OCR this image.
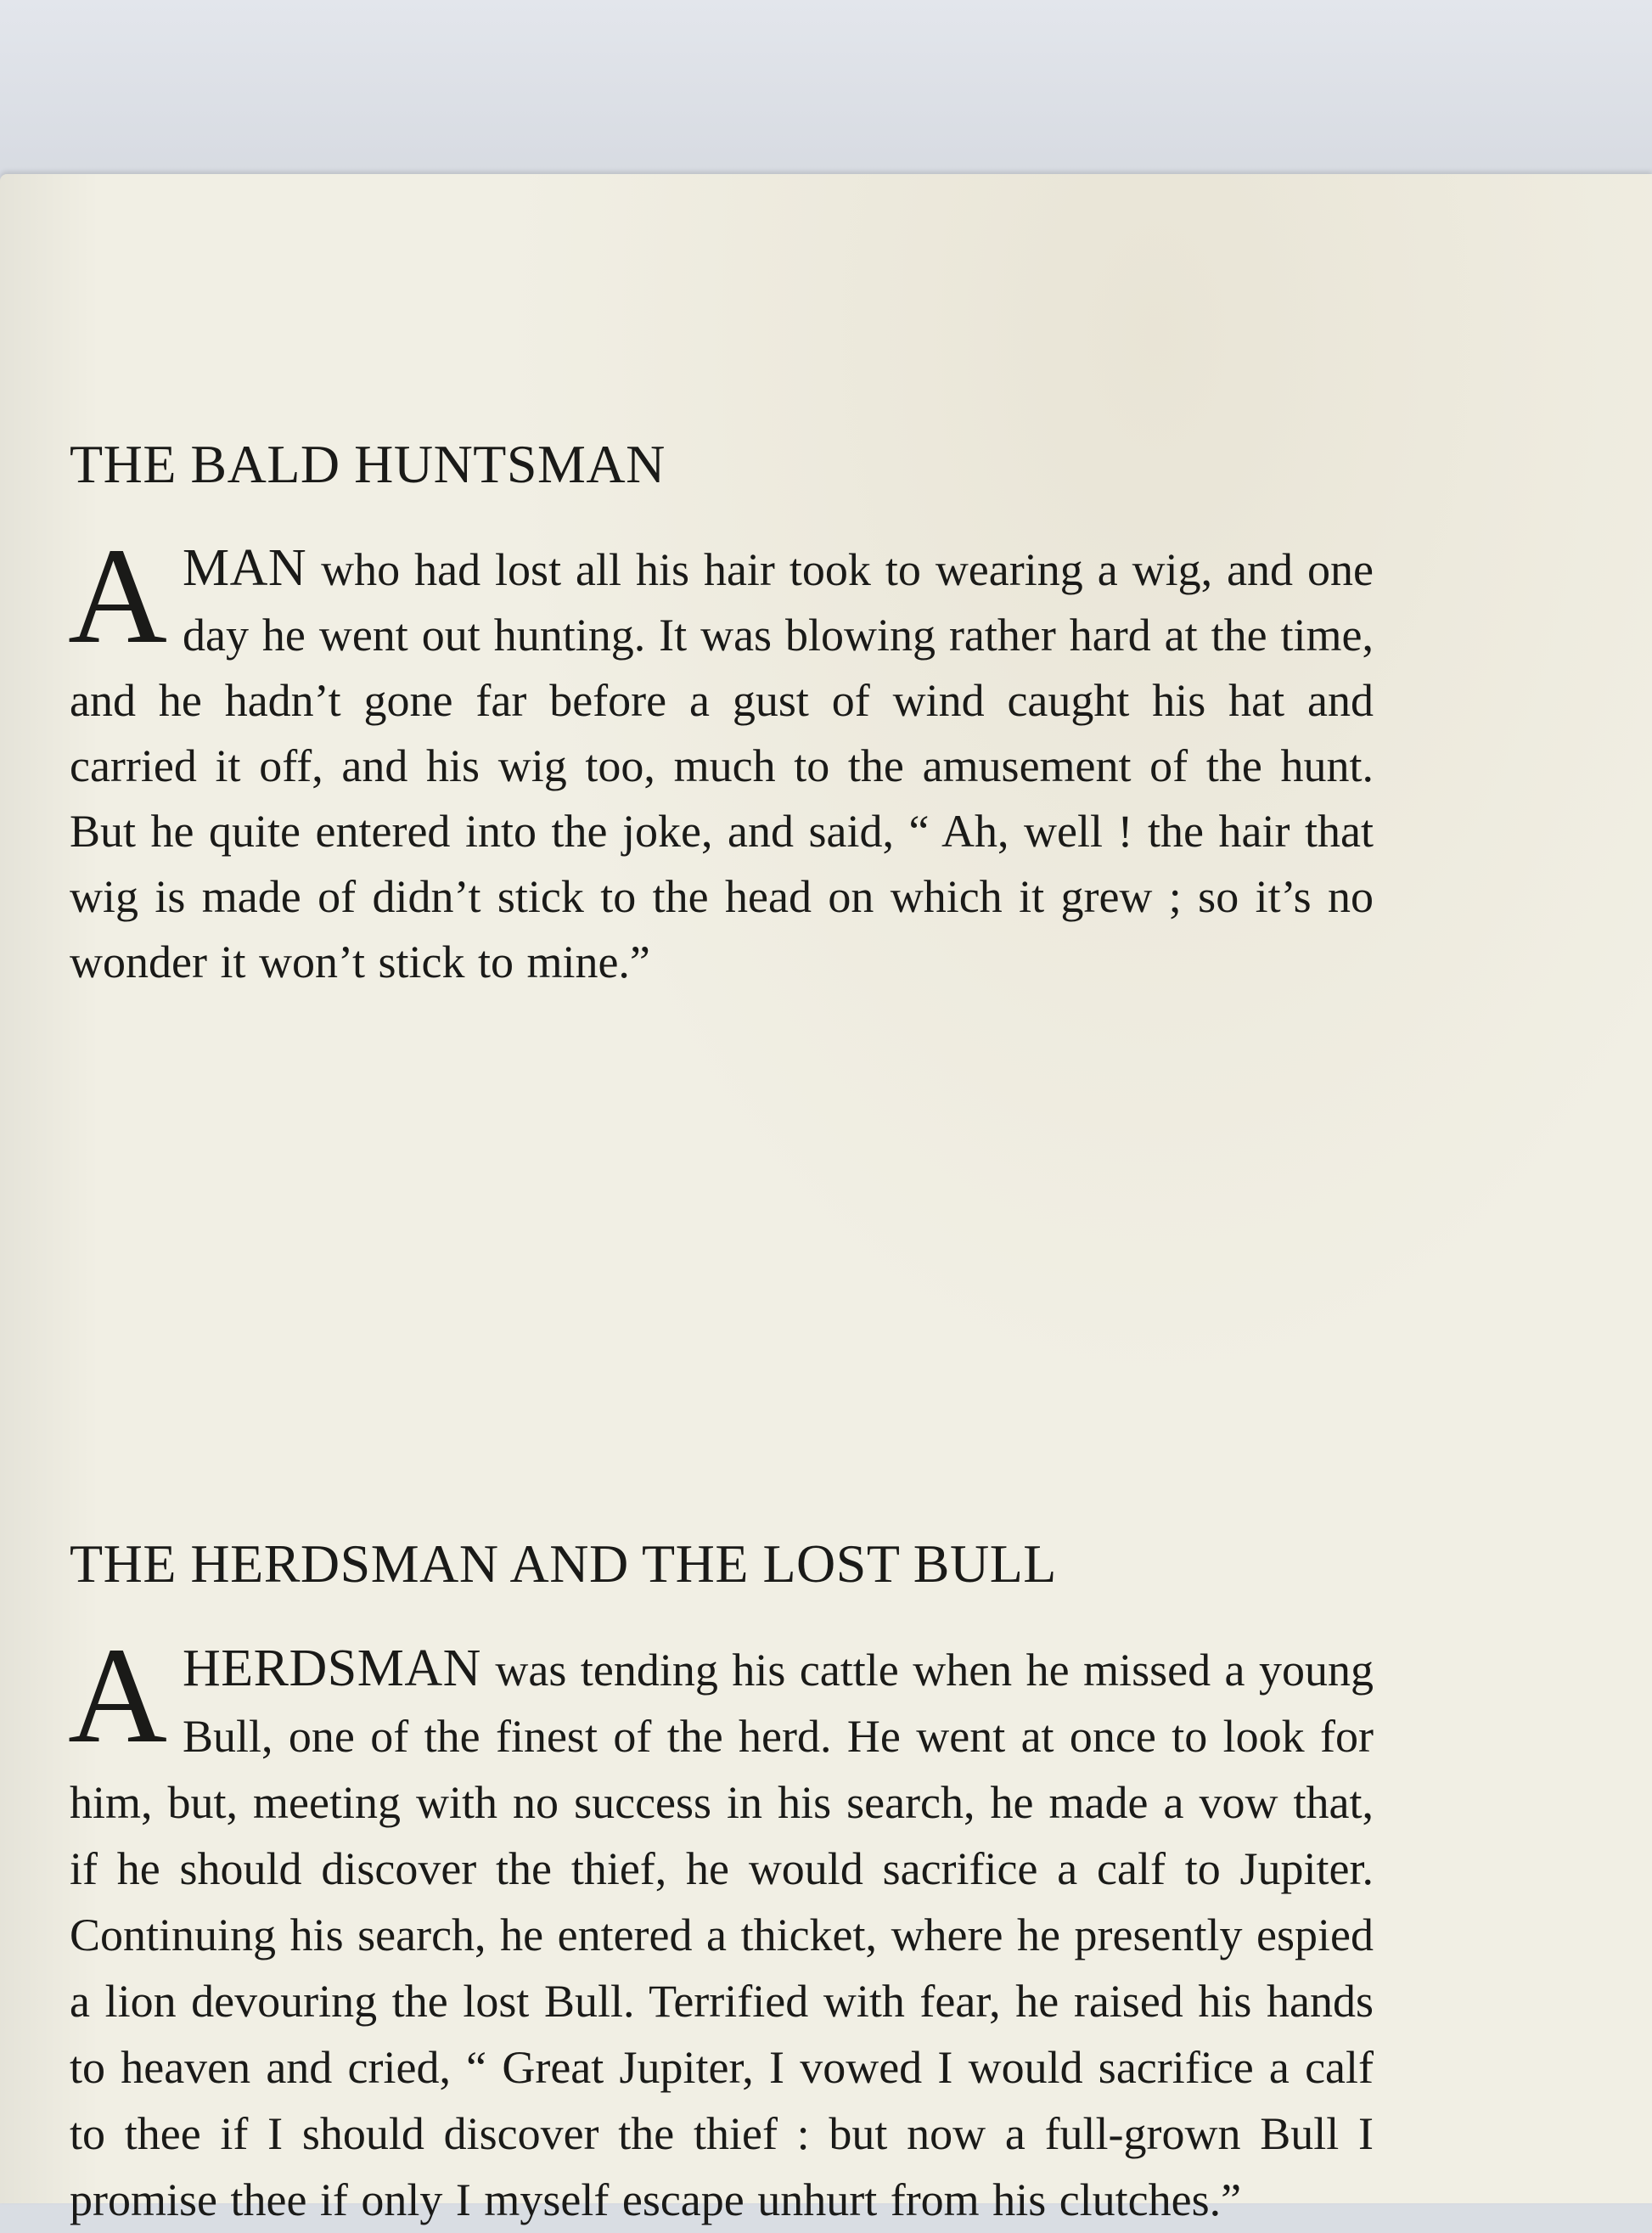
THE BALD HUNTSMAN

A MAN who had lost all his hair took to wearing a wig, and one day he went out hunting. It was blowing rather hard at the time, and he hadn’t gone far before a gust of wind caught his hat and carried it off, and his wig too, much to the amusement of the hunt. But he quite entered into the joke, and said, “ Ah, well ! the hair that wig is made of didn’t stick to the head on which it grew ; so it’s no wonder it won’t stick to mine.”

THE HERDSMAN AND THE LOST BULL

A HERDSMAN was tending his cattle when he missed a young Bull, one of the finest of the herd. He went at once to look for him, but, meeting with no success in his search, he made a vow that, if he should discover the thief, he would sacrifice a calf to Jupiter. Continuing his search, he entered a thicket, where he presently espied a lion devouring the lost Bull. Terrified with fear, he raised his hands to heaven and cried, “ Great Jupiter, I vowed I would sacrifice a calf to thee if I should discover the thief : but now a full-grown Bull I promise thee if only I myself escape unhurt from his clutches.”
